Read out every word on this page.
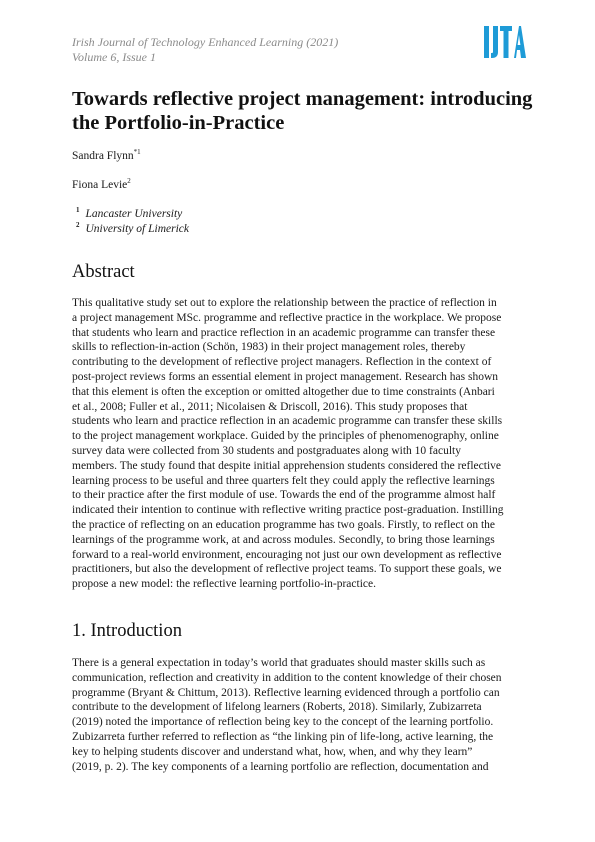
Irish Journal of Technology Enhanced Learning (2021)
Volume 6, Issue 1
Towards reflective project management: introducing
the Portfolio-in-Practice
Sandra Flynn$^{*1}$
Fiona Levie$^2$
$^1$ Lancaster University
$^2$ University of Limerick
Abstract
This qualitative study set out to explore the relationship between the practice of reflection in
a project management MSc. programme and reflective practice in the workplace. We propose
that students who learn and practice reflection in an academic programme can transfer these
skills to reflection-in-action (Schön, 1983) in their project management roles, thereby
contributing to the development of reflective project managers. Reflection in the context of
post-project reviews forms an essential element in project management. Research has shown
that this element is often the exception or omitted altogether due to time constraints (Anbari
et al., 2008; Fuller et al., 2011; Nicolaisen & Driscoll, 2016). This study proposes that
students who learn and practice reflection in an academic programme can transfer these skills
to the project management workplace. Guided by the principles of phenomenography, online
survey data were collected from 30 students and postgraduates along with 10 faculty
members. The study found that despite initial apprehension students considered the reflective
learning process to be useful and three quarters felt they could apply the reflective learnings
to their practice after the first module of use. Towards the end of the programme almost half
indicated their intention to continue with reflective writing practice post-graduation. Instilling
the practice of reflecting on an education programme has two goals. Firstly, to reflect on the
learnings of the programme work, at and across modules. Secondly, to bring those learnings
forward to a real-world environment, encouraging not just our own development as reflective
practitioners, but also the development of reflective project teams. To support these goals, we
propose a new model: the reflective learning portfolio-in-practice.
1. Introduction
There is a general expectation in today’s world that graduates should master skills such as
communication, reflection and creativity in addition to the content knowledge of their chosen
programme (Bryant & Chittum, 2013). Reflective learning evidenced through a portfolio can
contribute to the development of lifelong learners (Roberts, 2018). Similarly, Zubizarreta
(2019) noted the importance of reflection being key to the concept of the learning portfolio.
Zubizarreta further referred to reflection as “the linking pin of life-long, active learning, the
key to helping students discover and understand what, how, when, and why they learn”
(2019, p. 2). The key components of a learning portfolio are reflection, documentation and
